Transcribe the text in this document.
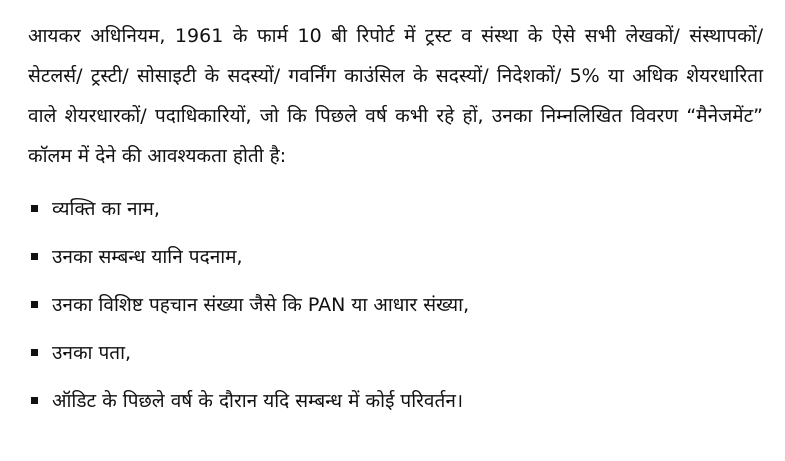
आयकर अधिनियम, 1961 के फार्म 10 बी रिपोर्ट में ट्रस्ट व संस्था के ऐसे सभी लेखकों/ संस्थापकों/ सेटलर्स/ ट्रस्टी/ सोसाइटी के सदस्यों/ गवर्निंग काउंसिल के सदस्यों/ निदेशकों/ 5% या अधिक शेयरधारिता वाले शेयरधारकों/ पदाधिकारियों, जो कि पिछले वर्ष कभी रहे हों, उनका निम्नलिखित विवरण “मैनेजमेंट” कॉलम में देने की आवश्यकता होती है:

व्यक्ति का नाम,
उनका सम्बन्ध यानि पदनाम,
उनका विशिष्ट पहचान संख्या जैसे कि PAN या आधार संख्या,
उनका पता,
ऑडिट के पिछले वर्ष के दौरान यदि सम्बन्ध में कोई परिवर्तन।
